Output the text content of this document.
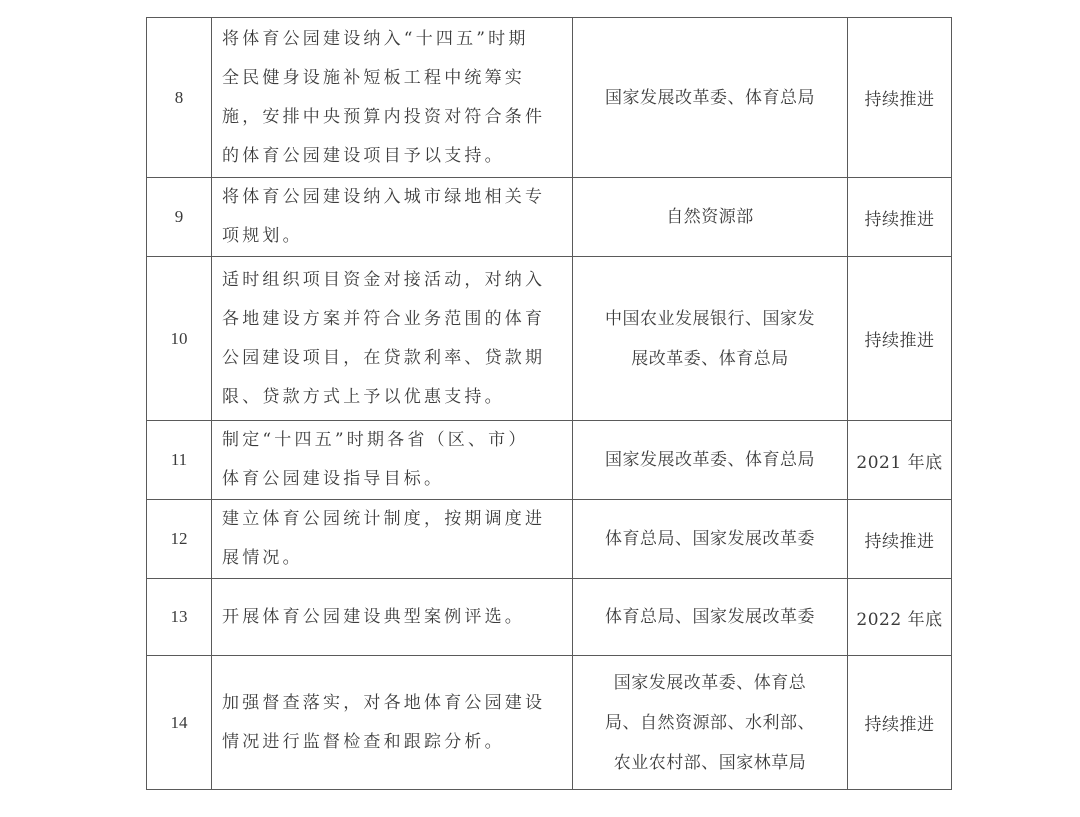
8	将体育公园建设纳入“十四五”时期
全民健身设施补短板工程中统筹实
施，安排中央预算内投资对符合条件
的体育公园建设项目予以支持。	国家发展改革委、体育总局	持续推进
9	将体育公园建设纳入城市绿地相关专
项规划。	自然资源部	持续推进
10	适时组织项目资金对接活动，对纳入
各地建设方案并符合业务范围的体育
公园建设项目，在贷款利率、贷款期
限、贷款方式上予以优惠支持。	中国农业发展银行、国家发
展改革委、体育总局	持续推进
11	制定“十四五”时期各省（区、市）
体育公园建设指导目标。	国家发展改革委、体育总局	2021 年底
12	建立体育公园统计制度，按期调度进
展情况。	体育总局、国家发展改革委	持续推进
13	开展体育公园建设典型案例评选。	体育总局、国家发展改革委	2022 年底
14	加强督查落实，对各地体育公园建设
情况进行监督检查和跟踪分析。	国家发展改革委、体育总
局、自然资源部、水利部、
农业农村部、国家林草局	持续推进
